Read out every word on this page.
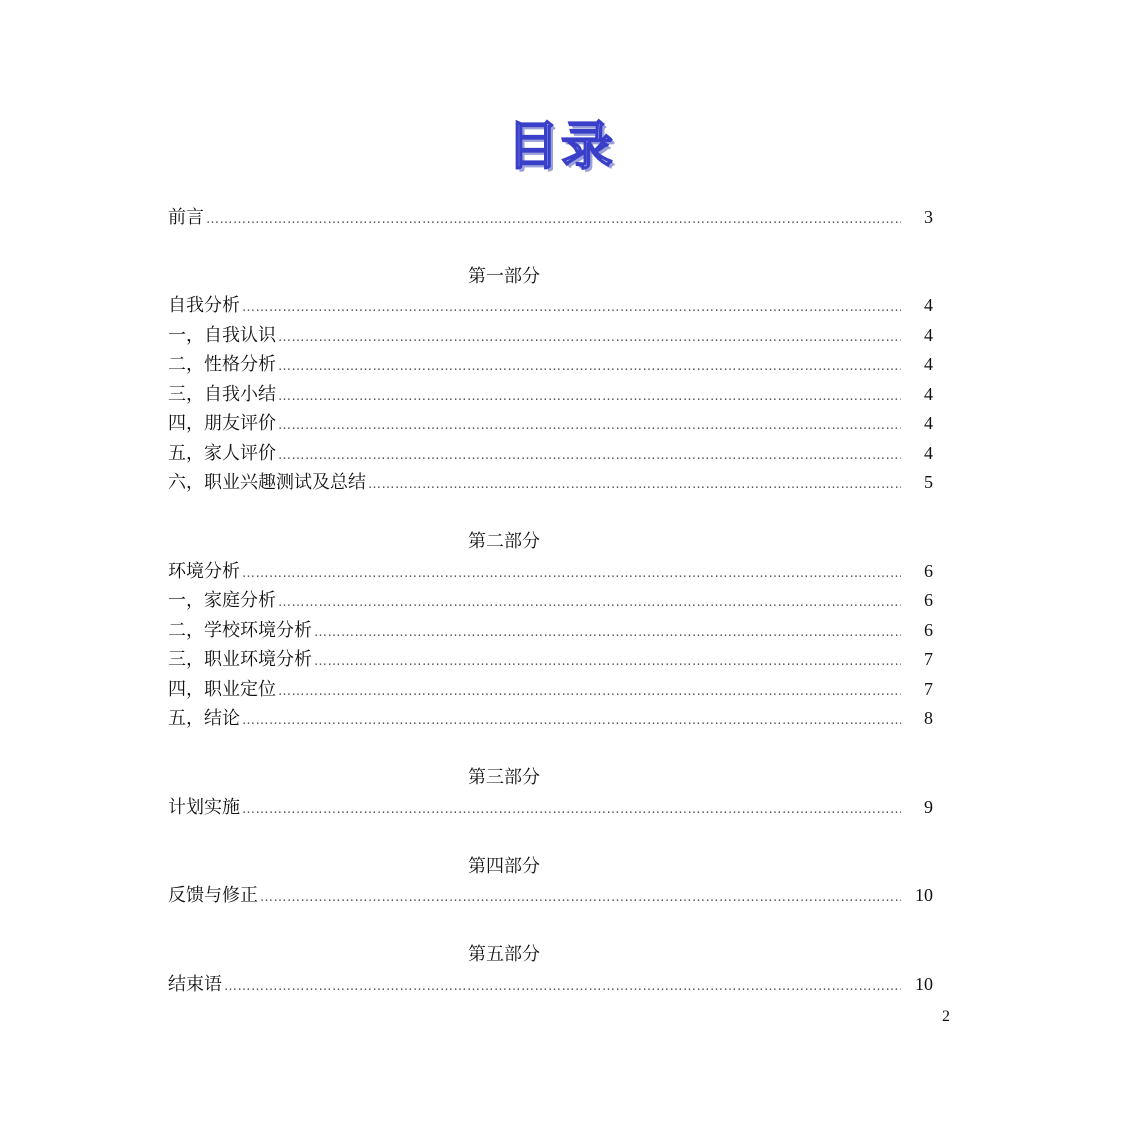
目录
前言 …………………………………………………………………………………………………………………………………………………………………………………………	3
第一部分
自我分析 …………………………………………………………………………………………………………………………………………………………………………………………	4
一，自我认识 …………………………………………………………………………………………………………………………………………………………………………………………	4
二，性格分析 …………………………………………………………………………………………………………………………………………………………………………………………	4
三，自我小结 …………………………………………………………………………………………………………………………………………………………………………………………	4
四，朋友评价 …………………………………………………………………………………………………………………………………………………………………………………………	4
五，家人评价 …………………………………………………………………………………………………………………………………………………………………………………………	4
六，职业兴趣测试及总结 …………………………………………………………………………………………………………………………………………………………………………………………	5
第二部分
环境分析 …………………………………………………………………………………………………………………………………………………………………………………………	6
一，家庭分析 …………………………………………………………………………………………………………………………………………………………………………………………	6
二，学校环境分析 …………………………………………………………………………………………………………………………………………………………………………………………	6
三，职业环境分析 …………………………………………………………………………………………………………………………………………………………………………………………	7
四，职业定位 …………………………………………………………………………………………………………………………………………………………………………………………	7
五，结论 …………………………………………………………………………………………………………………………………………………………………………………………	8
第三部分
计划实施 …………………………………………………………………………………………………………………………………………………………………………………………	9
第四部分
反馈与修正 …………………………………………………………………………………………………………………………………………………………………………………………	10
第五部分
结束语 …………………………………………………………………………………………………………………………………………………………………………………………	10
2
